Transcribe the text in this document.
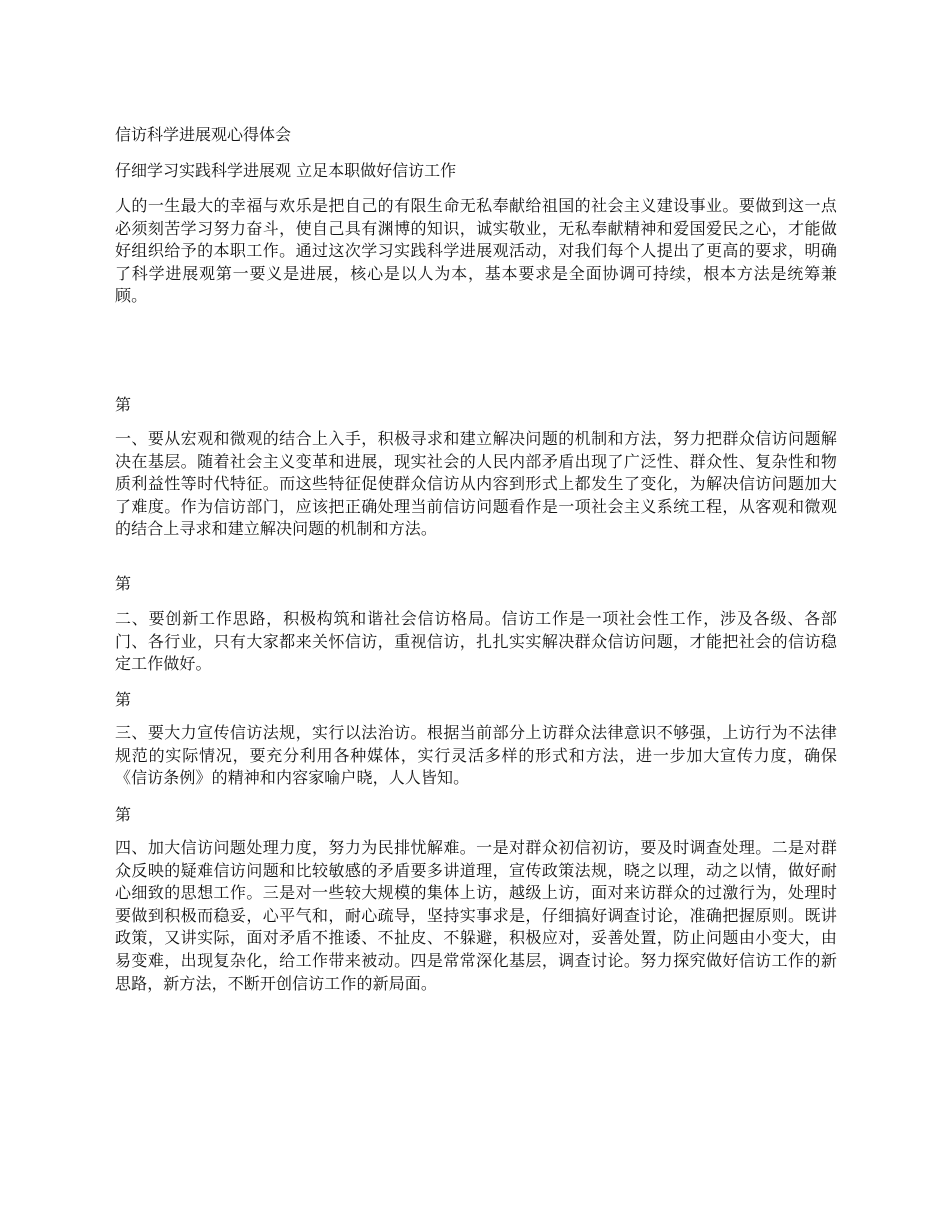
信访科学进展观心得体会
仔细学习实践科学进展观 立足本职做好信访工作
人的一生最大的幸福与欢乐是把自己的有限生命无私奉献给祖国的社会主义建设事业。要做到这一点必须刻苦学习努力奋斗，使自己具有渊博的知识，诚实敬业，无私奉献精神和爱国爱民之心，才能做好组织给予的本职工作。通过这次学习实践科学进展观活动，对我们每个人提出了更高的要求，明确了科学进展观第一要义是进展，核心是以人为本，基本要求是全面协调可持续，根本方法是统筹兼顾。
第
一、要从宏观和微观的结合上入手，积极寻求和建立解决问题的机制和方法，努力把群众信访问题解决在基层。随着社会主义变革和进展，现实社会的人民内部矛盾出现了广泛性、群众性、复杂性和物质利益性等时代特征。而这些特征促使群众信访从内容到形式上都发生了变化，为解决信访问题加大了难度。作为信访部门，应该把正确处理当前信访问题看作是一项社会主义系统工程，从客观和微观的结合上寻求和建立解决问题的机制和方法。
第
二、要创新工作思路，积极构筑和谐社会信访格局。信访工作是一项社会性工作，涉及各级、各部门、各行业，只有大家都来关怀信访，重视信访，扎扎实实解决群众信访问题，才能把社会的信访稳定工作做好。
第
三、要大力宣传信访法规，实行以法治访。根据当前部分上访群众法律意识不够强，上访行为不法律规范的实际情况，要充分利用各种媒体，实行灵活多样的形式和方法，进一步加大宣传力度，确保《信访条例》的精神和内容家喻户晓，人人皆知。
第
四、加大信访问题处理力度，努力为民排忧解难。一是对群众初信初访，要及时调查处理。二是对群众反映的疑难信访问题和比较敏感的矛盾要多讲道理，宣传政策法规，晓之以理，动之以情，做好耐心细致的思想工作。三是对一些较大规模的集体上访，越级上访，面对来访群众的过激行为，处理时要做到积极而稳妥，心平气和，耐心疏导，坚持实事求是，仔细搞好调查讨论，准确把握原则。既讲政策，又讲实际，面对矛盾不推诿、不扯皮、不躲避，积极应对，妥善处置，防止问题由小变大，由易变难，出现复杂化，给工作带来被动。四是常常深化基层，调查讨论。努力探究做好信访工作的新思路，新方法，不断开创信访工作的新局面。
